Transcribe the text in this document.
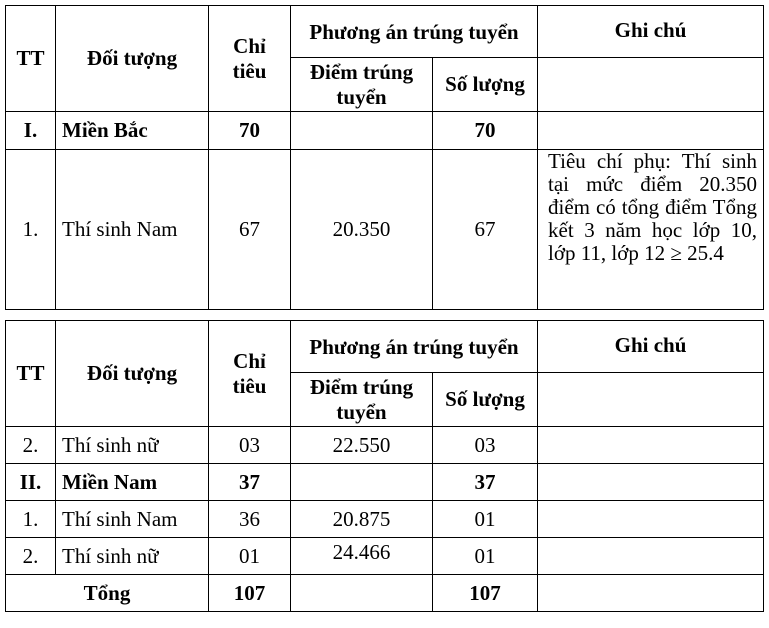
TT	Đối tượng	Chỉ tiêu	Phương án trúng tuyển		Ghi chú
			Điểm trúng tuyển	Số lượng	
I.	Miền Bắc	70		70	
1.	Thí sinh Nam	67	20.350	67	Tiêu chí phụ: Thí sinh tại mức điểm 20.350 điểm có tổng điểm Tổng kết 3 năm học lớp 10, lớp 11, lớp 12 ≥ 25.4
TT	Đối tượng	Chỉ tiêu	Phương án trúng tuyển		Ghi chú
			Điểm trúng tuyển	Số lượng	
2.	Thí sinh nữ	03	22.550	03	
II.	Miền Nam	37		37	
1.	Thí sinh Nam	36	20.875	01	
2.	Thí sinh nữ	01	24.466	01	
Tổng		107		107	
